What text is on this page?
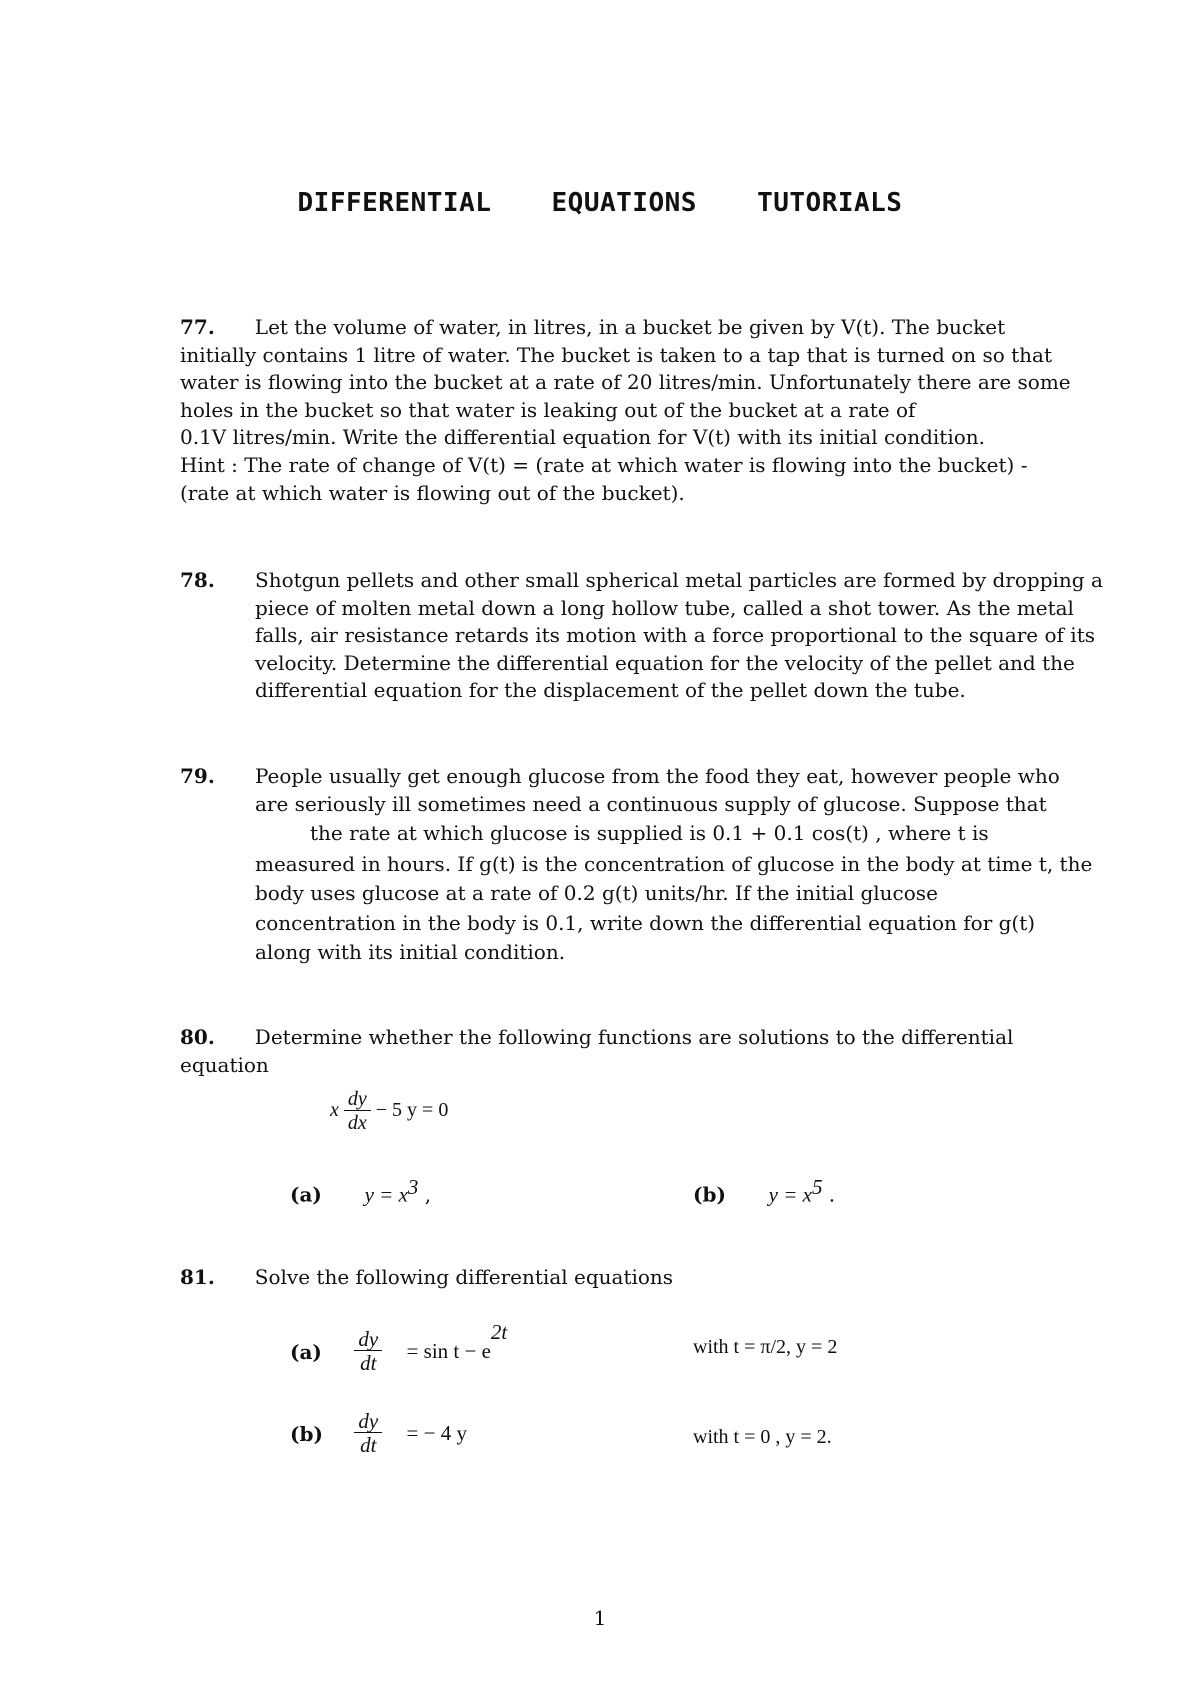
DIFFERENTIAL EQUATIONS TUTORIALS
77. Let the volume of water, in litres, in a bucket be given by V(t). The bucket
initially contains 1 litre of water. The bucket is taken to a tap that is turned on so that
water is flowing into the bucket at a rate of 20 litres/min. Unfortunately there are some
holes in the bucket so that water is leaking out of the bucket at a rate of
0.1V litres/min. Write the differential equation for V(t) with its initial condition.
Hint : The rate of change of V(t) = (rate at which water is flowing into the bucket) -
(rate at which water is flowing out of the bucket).
78. Shotgun pellets and other small spherical metal particles are formed by dropping a
piece of molten metal down a long hollow tube, called a shot tower. As the metal
falls, air resistance retards its motion with a force proportional to the square of its
velocity. Determine the differential equation for the velocity of the pellet and the
differential equation for the displacement of the pellet down the tube.
79. People usually get enough glucose from the food they eat, however people who
are seriously ill sometimes need a continuous supply of glucose. Suppose that
the rate at which glucose is supplied is 0.1 + 0.1 cos(t) , where t is
measured in hours. If g(t) is the concentration of glucose in the body at time t, the
body uses glucose at a rate of 0.2 g(t) units/hr. If the initial glucose
concentration in the body is 0.1, write down the differential equation for g(t)
along with its initial condition.
80. Determine whether the following functions are solutions to the differential
equation
x $\frac{dy}{dx} - 5$ y = 0
(a) $y = x^3$ ,	(b) $y = x^5$ .
81. Solve the following differential equations
$(a) \frac{dy}{dt} = \sin t - e^{2t}$
with t = π/2, y = 2
$(b) \frac{dy}{dt}$ = − 4 y	with t = 0 , y = 2.
1
